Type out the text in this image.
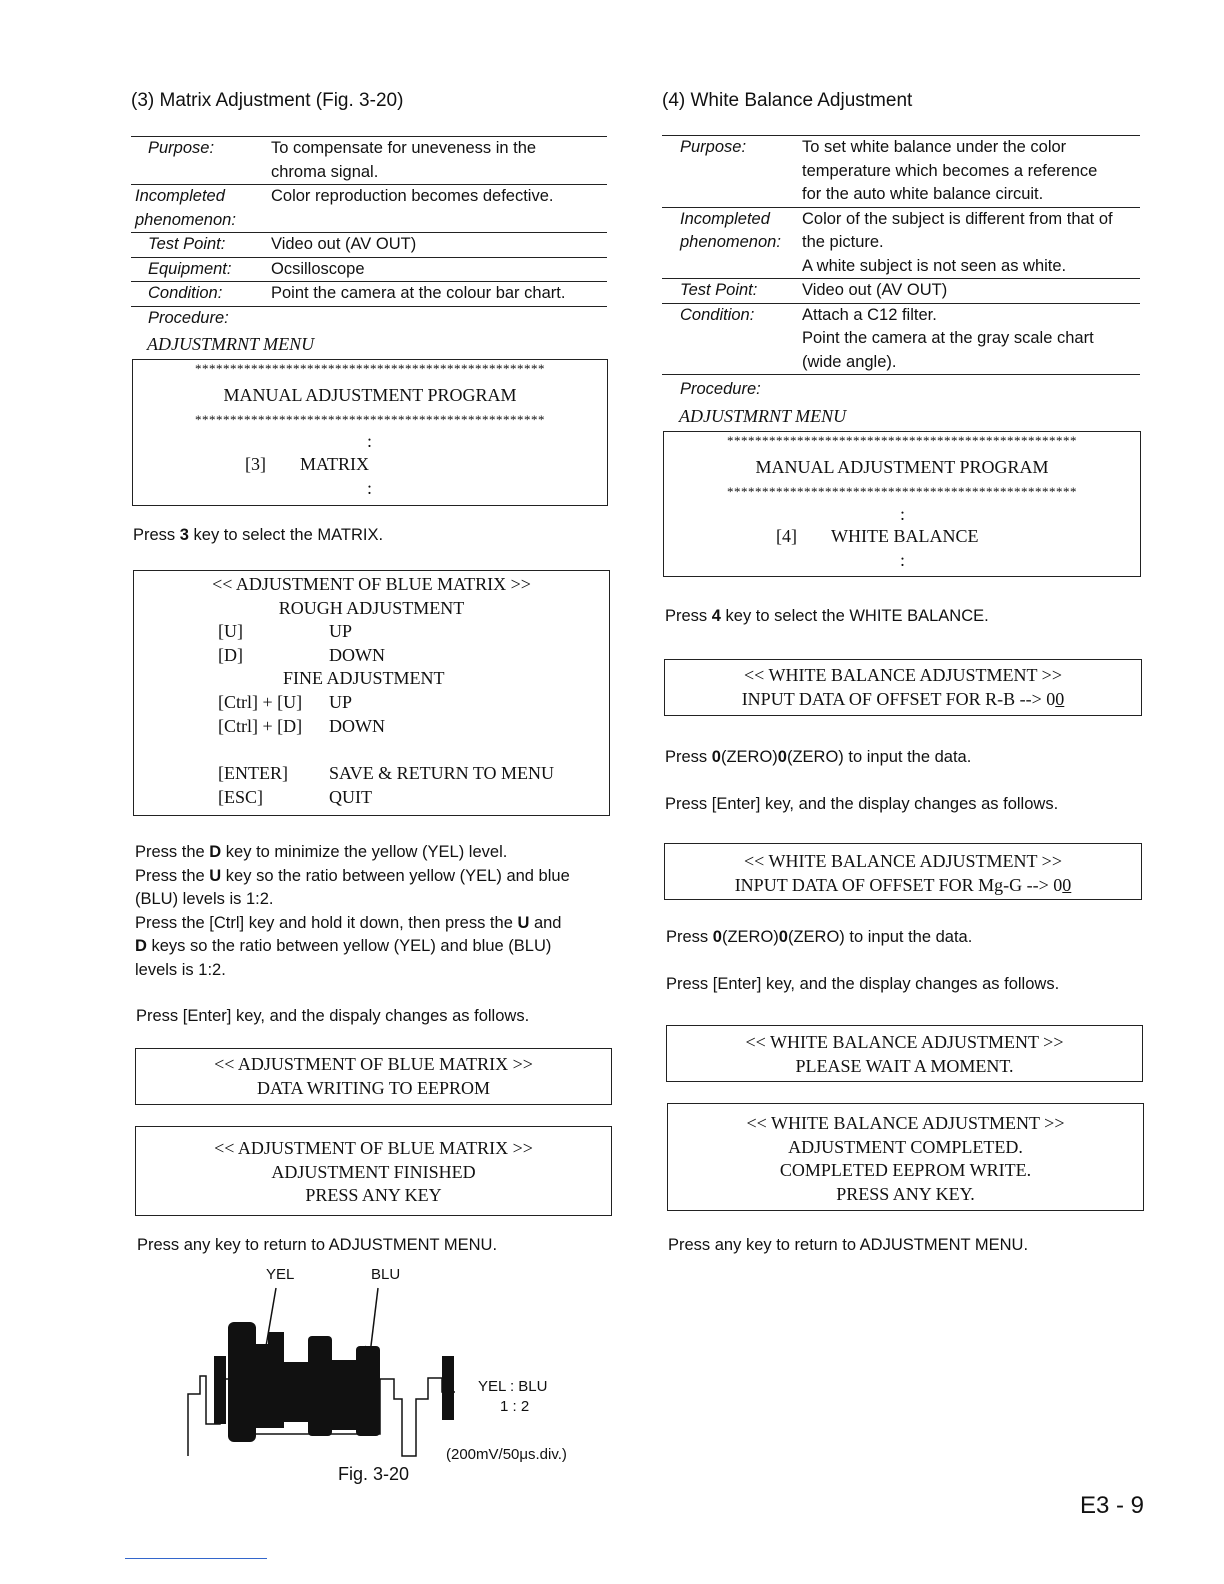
(3) Matrix Adjustment (Fig. 3-20)
Purpose:	To compensate for uneveness in the
	chroma signal.
Incompleted	Color reproduction becomes defective.
phenomenon:	
Test Point:	Video out (AV OUT)
Equipment:	Ocsilloscope
Condition:	Point the camera at the colour bar chart.
Procedure:	
ADJUSTMRNT MENU
**************************************************
MANUAL ADJUSTMENT PROGRAM
**************************************************
:
[3] MATRIX
:
Press 3 key to select the MATRIX.
<< ADJUSTMENT OF BLUE MATRIX >>
ROUGH ADJUSTMENT
[U]	UP
[D]	DOWN
FINE ADJUSTMENT
[Ctrl] + [U] UP
[Ctrl] + [D] DOWN
[ENTER] SAVE & RETURN TO MENU
[ESC]	QUIT
Press the D key to minimize the yellow (YEL) level.
Press the U key so the ratio between yellow (YEL) and blue
(BLU) levels is 1:2.
Press the [Ctrl] key and hold it down, then press the U and
D keys so the ratio between yellow (YEL) and blue (BLU)
levels is 1:2.
Press [Enter] key, and the dispaly changes as follows.
<< ADJUSTMENT OF BLUE MATRIX >>
DATA WRITING TO EEPROM
<< ADJUSTMENT OF BLUE MATRIX >>
ADJUSTMENT FINISHED
PRESS ANY KEY
Press any key to return to ADJUSTMENT MENU.
YEL	BLU
YEL : BLU
1 : 2
(200mV/50μs.div.)
Fig. 3-20
(4) White Balance Adjustment
Purpose:	To set white balance under the color
	temperature which becomes a reference
	for the auto white balance circuit.
Incompleted	Color of the subject is different from that of
phenomenon:	the picture.
	A white subject is not seen as white.
Test Point:	Video out (AV OUT)
Condition:	Attach a C12 filter.
	Point the camera at the gray scale chart
	(wide angle).
Procedure:	
ADJUSTMRNT MENU
**************************************************
MANUAL ADJUSTMENT PROGRAM
**************************************************
:
[4] WHITE BALANCE
:
Press 4 key to select the WHITE BALANCE.
<< WHITE BALANCE ADJUSTMENT >>
INPUT DATA OF OFFSET FOR R-B --> 00
Press 0(ZERO)0(ZERO) to input the data.
Press [Enter] key, and the display changes as follows.
<< WHITE BALANCE ADJUSTMENT >>
INPUT DATA OF OFFSET FOR Mg-G --> 00
Press 0(ZERO)0(ZERO) to input the data.
Press [Enter] key, and the display changes as follows.
<< WHITE BALANCE ADJUSTMENT >>
PLEASE WAIT A MOMENT.
<< WHITE BALANCE ADJUSTMENT >>
ADJUSTMENT COMPLETED.
COMPLETED EEPROM WRITE.
PRESS ANY KEY.
Press any key to return to ADJUSTMENT MENU.
E3 - 9
